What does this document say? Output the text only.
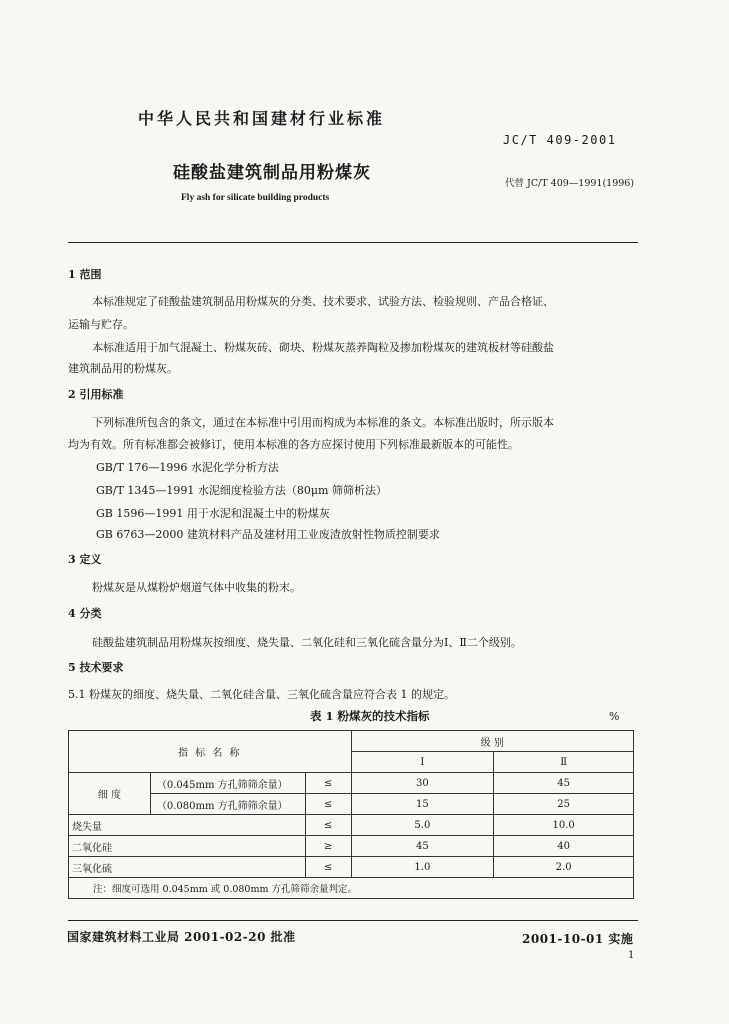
中华人民共和国建材行业标准
JC/T 409-2001
硅酸盐建筑制品用粉煤灰
代替 JC/T 409—1991(1996)
Fly ash for silicate building products
1 范围
本标准规定了硅酸盐建筑制品用粉煤灰的分类、技术要求、试验方法、检验规则、产品合格证、
运输与贮存。
本标准适用于加气混凝土、粉煤灰砖、砌块、粉煤灰蒸养陶粒及掺加粉煤灰的建筑板材等硅酸盐
建筑制品用的粉煤灰。
2 引用标准
下列标准所包含的条文，通过在本标准中引用而构成为本标准的条文。本标准出版时，所示版本
均为有效。所有标准都会被修订，使用本标准的各方应探讨使用下列标准最新版本的可能性。
GB/T 176—1996 水泥化学分析方法
GB/T 1345—1991 水泥细度检验方法（80μm 筛筛析法）
GB 1596—1991 用于水泥和混凝土中的粉煤灰
GB 6763—2000 建筑材料产品及建材用工业废渣放射性物质控制要求
3 定义
粉煤灰是从煤粉炉烟道气体中收集的粉末。
4 分类
硅酸盐建筑制品用粉煤灰按细度、烧失量、二氧化硅和三氧化硫含量分为Ⅰ、Ⅱ二个级别。
5 技术要求
5.1 粉煤灰的细度、烧失量、二氧化硅含量、三氧化硫含量应符合表 1 的规定。
表 1 粉煤灰的技术指标	%
指 标 名 称			级 别	
			Ⅰ	Ⅱ
细 度	（0.045mm 方孔筛筛余量）	≤	30	45
	（0.080mm 方孔筛筛余量）	≤	15	25
烧失量		≤	5.0	10.0
二氧化硅		≥	45	40
三氧化硫		≤	1.0	2.0
注：细度可选用 0.045mm 或 0.080mm 方孔筛筛余量判定。				
国家建筑材料工业局 2001-02-20 批准	2001-10-01 实施
1
